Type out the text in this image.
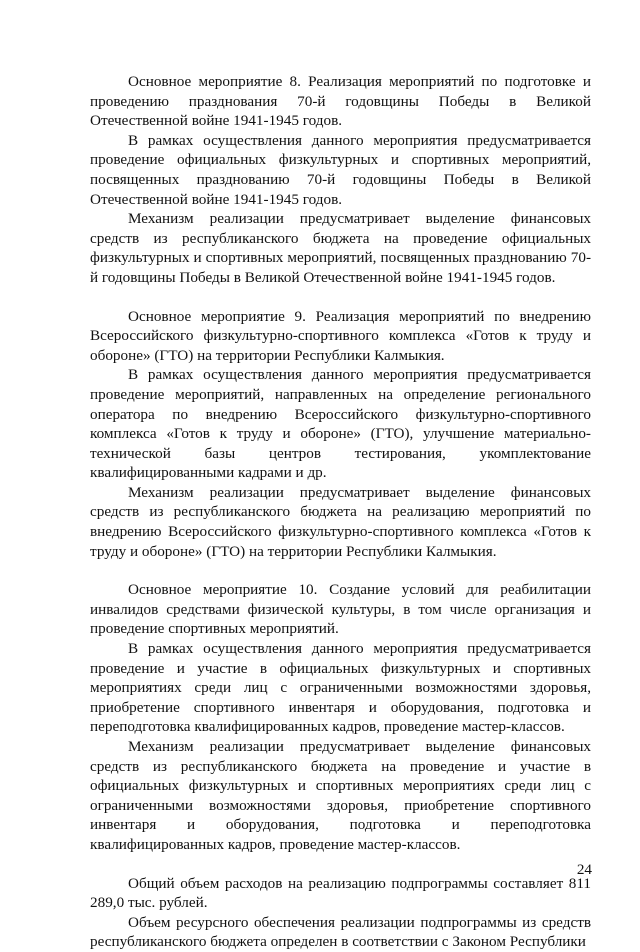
Основное мероприятие 8. Реализация мероприятий по подготовке и проведению празднования 70-й годовщины Победы в Великой Отечественной войне 1941-1945 годов.

В рамках осуществления данного мероприятия предусматривается проведение официальных физкультурных и спортивных мероприятий, посвященных празднованию 70-й годовщины Победы в Великой Отечественной войне 1941-1945 годов.

Механизм реализации предусматривает выделение финансовых средств из республиканского бюджета на проведение официальных физкультурных и спортивных мероприятий, посвященных празднованию 70-й годовщины Победы в Великой Отечественной войне 1941-1945 годов.

Основное мероприятие 9. Реализация мероприятий по внедрению Всероссийского физкультурно-спортивного комплекса «Готов к труду и обороне» (ГТО) на территории Республики Калмыкия.

В рамках осуществления данного мероприятия предусматривается проведение мероприятий, направленных на определение регионального оператора по внедрению Всероссийского физкультурно-спортивного комплекса «Готов к труду и обороне» (ГТО), улучшение материально-технической базы центров тестирования, укомплектование квалифицированными кадрами и др.

Механизм реализации предусматривает выделение финансовых средств из республиканского бюджета на реализацию мероприятий по внедрению Всероссийского физкультурно-спортивного комплекса «Готов к труду и обороне» (ГТО) на территории Республики Калмыкия.

Основное мероприятие 10. Создание условий для реабилитации инвалидов средствами физической культуры, в том числе организация и проведение спортивных мероприятий.

В рамках осуществления данного мероприятия предусматривается проведение и участие в официальных физкультурных и спортивных мероприятиях среди лиц с ограниченными возможностями здоровья, приобретение спортивного инвентаря и оборудования, подготовка и переподготовка квалифицированных кадров, проведение мастер-классов.

Механизм реализации предусматривает выделение финансовых средств из республиканского бюджета на проведение и участие в официальных физкультурных и спортивных мероприятиях среди лиц с ограниченными возможностями здоровья, приобретение спортивного инвентаря и оборудования, подготовка и переподготовка квалифицированных кадров, проведение мастер-классов.

Общий объем расходов на реализацию подпрограммы составляет 811 289,0 тыс. рублей.

Объем ресурсного обеспечения реализации подпрограммы из средств республиканского бюджета определен в соответствии с Законом Республики

24
